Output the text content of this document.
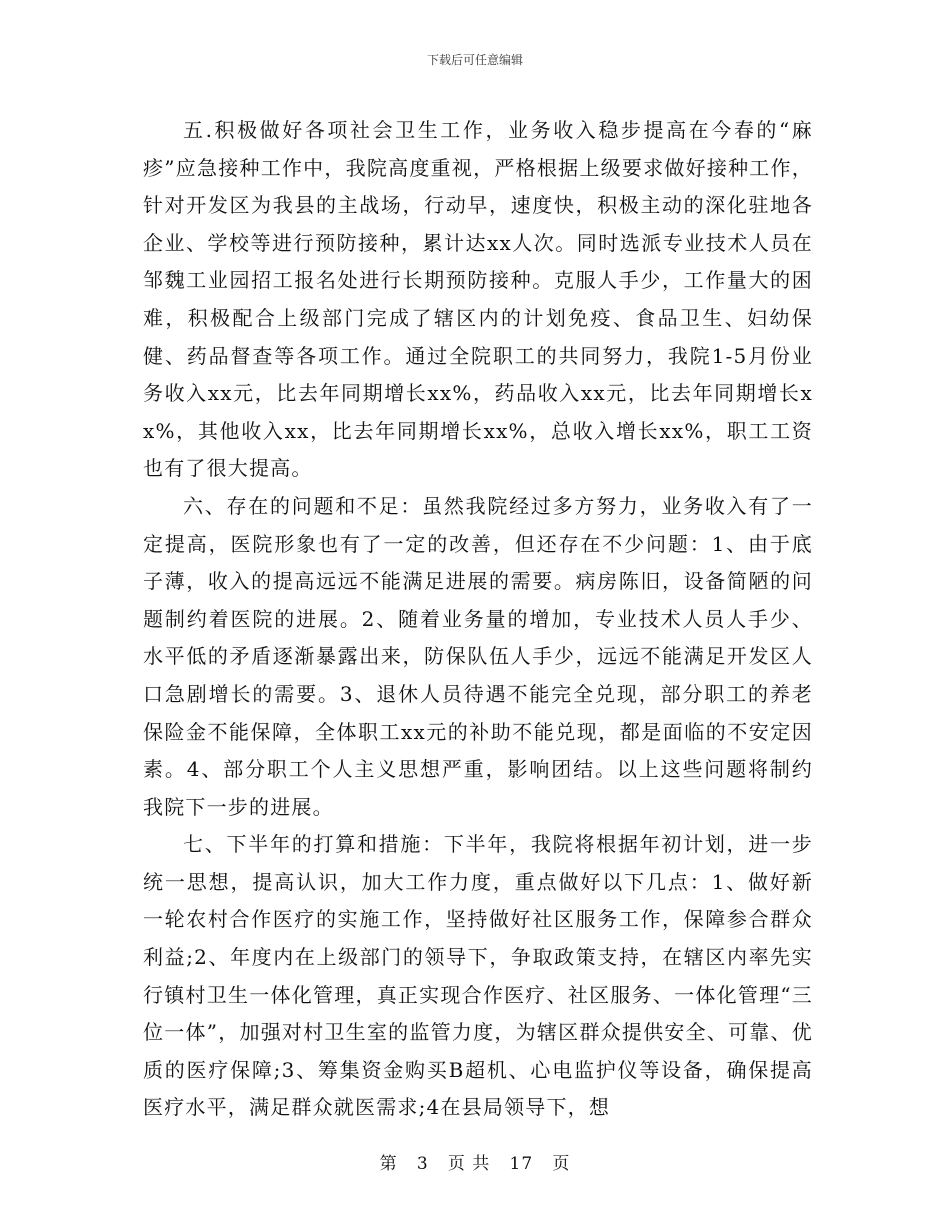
下载后可任意编辑

五.积极做好各项社会卫生工作，业务收入稳步提高在今春的“麻疹”应急接种工作中，我院高度重视，严格根据上级要求做好接种工作，针对开发区为我县的主战场，行动早，速度快，积极主动的深化驻地各企业、学校等进行预防接种，累计达xx人次。同时选派专业技术人员在邹魏工业园招工报名处进行长期预防接种。克服人手少，工作量大的困难，积极配合上级部门完成了辖区内的计划免疫、食品卫生、妇幼保健、药品督查等各项工作。通过全院职工的共同努力，我院1-5月份业务收入xx元，比去年同期增长xx%，药品收入xx元，比去年同期增长xx%，其他收入xx，比去年同期增长xx%，总收入增长xx%，职工工资也有了很大提高。

六、存在的问题和不足：虽然我院经过多方努力，业务收入有了一定提高，医院形象也有了一定的改善，但还存在不少问题：1、由于底子薄，收入的提高远远不能满足进展的需要。病房陈旧，设备简陋的问题制约着医院的进展。2、随着业务量的增加，专业技术人员人手少、水平低的矛盾逐渐暴露出来，防保队伍人手少，远远不能满足开发区人口急剧增长的需要。3、退休人员待遇不能完全兑现，部分职工的养老保险金不能保障，全体职工xx元的补助不能兑现，都是面临的不安定因素。4、部分职工个人主义思想严重，影响团结。以上这些问题将制约我院下一步的进展。

七、下半年的打算和措施：下半年，我院将根据年初计划，进一步统一思想，提高认识，加大工作力度，重点做好以下几点：1、做好新一轮农村合作医疗的实施工作，坚持做好社区服务工作，保障参合群众利益;2、年度内在上级部门的领导下，争取政策支持，在辖区内率先实行镇村卫生一体化管理，真正实现合作医疗、社区服务、一体化管理“三位一体”，加强对村卫生室的监管力度，为辖区群众提供安全、可靠、优质的医疗保障;3、筹集资金购买B超机、心电监护仪等设备，确保提高医疗水平，满足群众就医需求;4在县局领导下，想

第 3 页 共 17 页
